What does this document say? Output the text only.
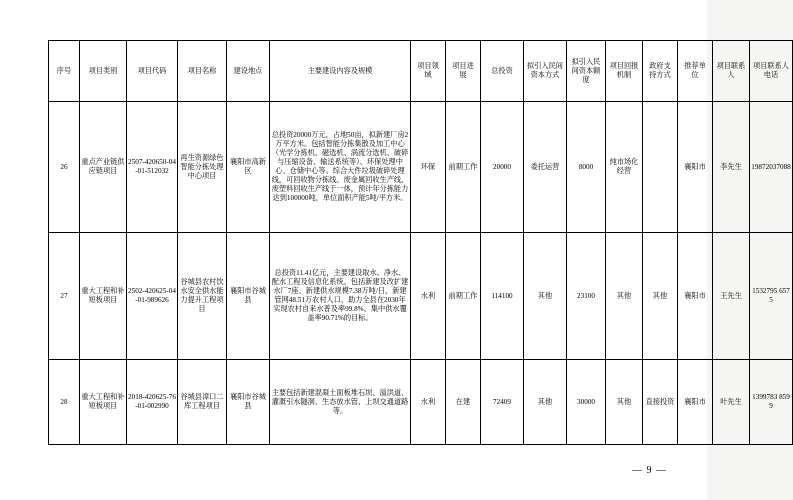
序号	项目类别	项目代码	项目名称	建设地点	主要建设内容及规模	项目领域	项目进展	总投资	拟引入民间资本方式	拟引入民间资本额度	项目回报机制	政府支持方式	推荐单位	项目联系人	项目联系人电话
26	重点产业链供应链项目	2507-420650-04-01-512032	再生资源绿色智能分拣处理中心项目	襄阳市高新区	总投资20000万元，占地50亩，拟新建厂房2万平方米。包括智能分拣集散及加工中心（光学分拣机、磁选机、涡流分选机、破碎与压缩设备、输送系统等）、环保处理中心、仓储中心等。综合大件垃圾破碎处理线，可回收物分拣线、废金属回收生产线、废塑料回收生产线于一体，预计年分拣能力达到100000吨，单位面积产能5吨/平方米。	环保	前期工作	20000	委托运营	8000	纯市场化经营		襄阳市	李先生	19872037088
27	重大工程和补短板项目	2502-420625-04-01-989626	谷城县农村饮水安全供水能力提升工程项目	襄阳市谷城县	总投资11.41亿元，主要建设取水、净水、配水工程及信息化系统。包括新建及改扩建水厂7座、新建供水规模7.38万吨/日，新建管网48.51万农村人口，助力全县在2030年实现农村自来水普及率99.8%、集中供水覆盖率90.71%的目标。	水利	前期工作	114100	其他	23100	其他	其他	襄阳市	王先生	1532795 6575
28	重大工程和补短板项目	2018-420625-76-01-002990	谷城县漳口二库工程项目	襄阳市谷城县	主要包括新建混凝土面板堆石坝、溢洪道、灌溉引水隧洞、生态放水管、上坝交通道路等。	水利	在建	72409	其他	30000	其他	直接投资	襄阳市	叶先生	1399783 8599
— 9 —
